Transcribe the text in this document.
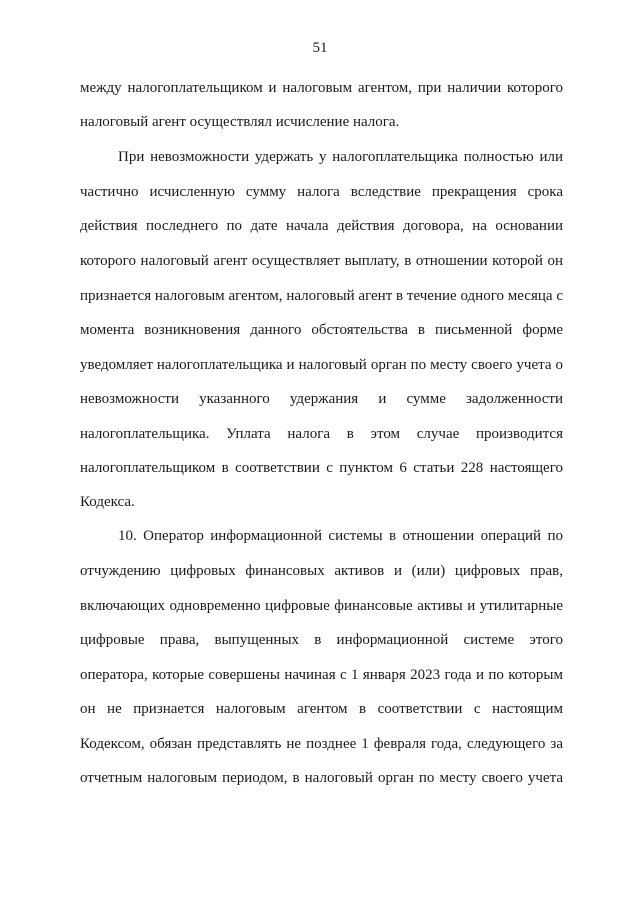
51
между налогоплательщиком и налоговым агентом, при наличии которого
налоговый агент осуществлял исчисление налога.
При невозможности удержать у налогоплательщика полностью или
частично исчисленную сумму налога вследствие прекращения срока
действия последнего по дате начала действия договора, на основании
которого налоговый агент осуществляет выплату, в отношении которой он
признается налоговым агентом, налоговый агент в течение одного месяца с
момента возникновения данного обстоятельства в письменной форме
уведомляет налогоплательщика и налоговый орган по месту своего учета о
невозможности указанного удержания и сумме задолженности
налогоплательщика. Уплата налога в этом случае производится
налогоплательщиком в соответствии с пунктом 6 статьи 228 настоящего
Кодекса.
10. Оператор информационной системы в отношении операций по
отчуждению цифровых финансовых активов и (или) цифровых прав,
включающих одновременно цифровые финансовые активы и утилитарные
цифровые права, выпущенных в информационной системе этого
оператора, которые совершены начиная с 1 января 2023 года и по которым
он не признается налоговым агентом в соответствии с настоящим
Кодексом, обязан представлять не позднее 1 февраля года, следующего за
отчетным налоговым периодом, в налоговый орган по месту своего учета
